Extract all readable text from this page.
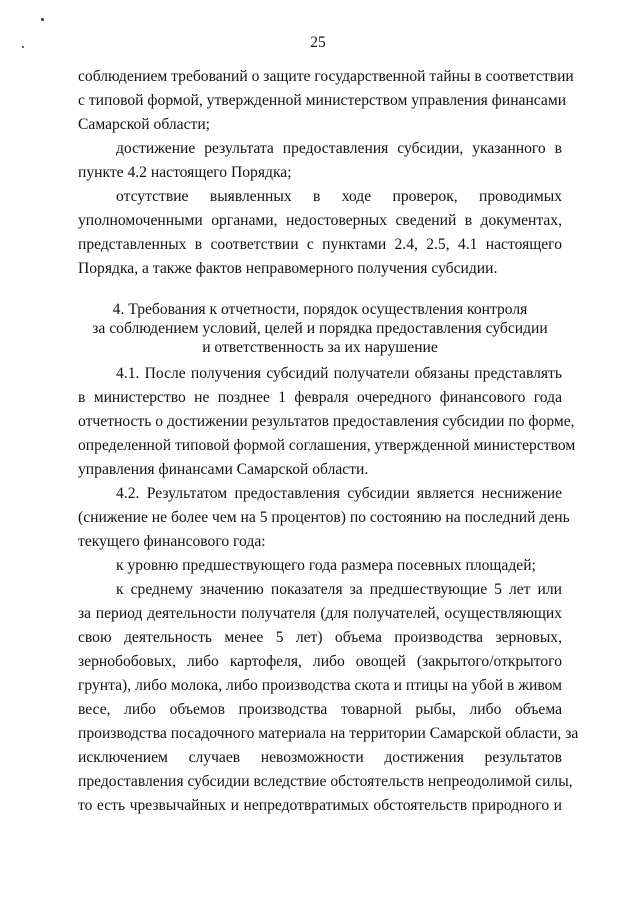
25
соблюдением требований о защите государственной тайны в соответствии
с типовой формой, утвержденной министерством управления финансами
Самарской области;
достижение результата предоставления субсидии, указанного в
пункте 4.2 настоящего Порядка;
отсутствие выявленных в ходе проверок, проводимых
уполномоченными органами, недостоверных сведений в документах,
представленных в соответствии с пунктами 2.4, 2.5, 4.1 настоящего
Порядка, а также фактов неправомерного получения субсидии.
4. Требования к отчетности, порядок осуществления контроля
за соблюдением условий, целей и порядка предоставления субсидии
и ответственность за их нарушение
4.1. После получения субсидий получатели обязаны представлять
в министерство не позднее 1 февраля очередного финансового года
отчетность о достижении результатов предоставления субсидии по форме,
определенной типовой формой соглашения, утвержденной министерством
управления финансами Самарской области.
4.2. Результатом предоставления субсидии является неснижение
(снижение не более чем на 5 процентов) по состоянию на последний день
текущего финансового года:
к уровню предшествующего года размера посевных площадей;
к среднему значению показателя за предшествующие 5 лет или
за период деятельности получателя (для получателей, осуществляющих
свою деятельность менее 5 лет) объема производства зерновых,
зернобобовых, либо картофеля, либо овощей (закрытого/открытого
грунта), либо молока, либо производства скота и птицы на убой в живом
весе, либо объемов производства товарной рыбы, либо объема
производства посадочного материала на территории Самарской области, за
исключением случаев невозможности достижения результатов
предоставления субсидии вследствие обстоятельств непреодолимой силы,
то есть чрезвычайных и непредотвратимых обстоятельств природного и
